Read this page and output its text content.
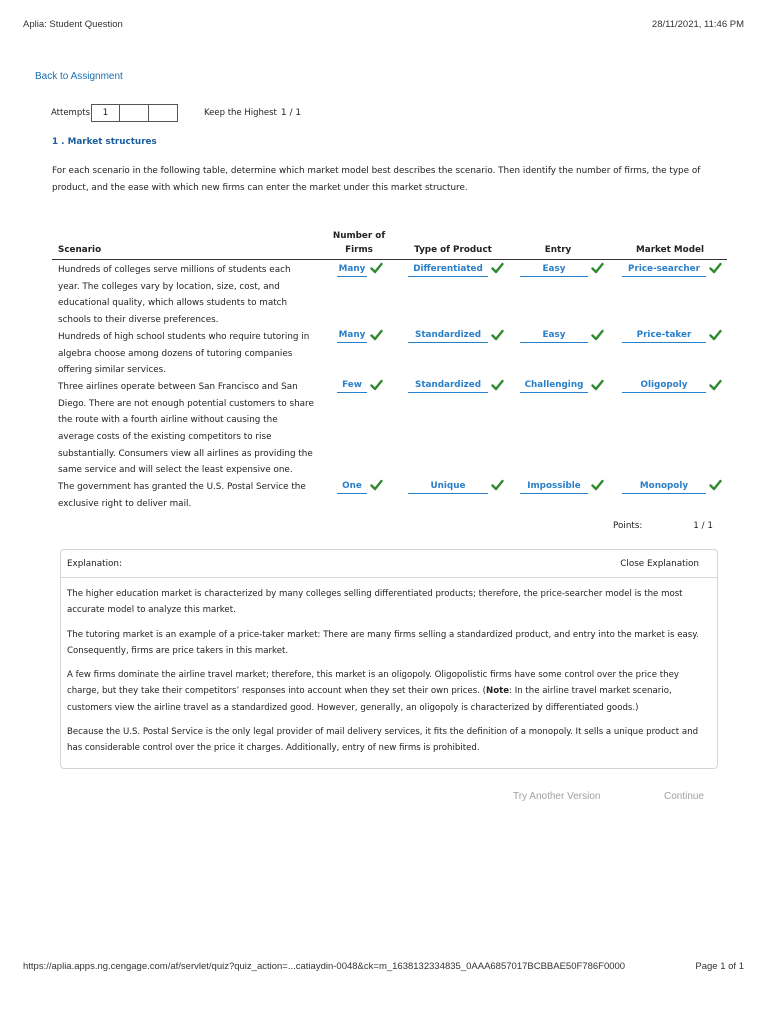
Aplia: Student Question	28/11/2021, 11:46 PM
Back to Assignment
Attempts	1	Keep the Highest 1 / 1
1 . Market structures
For each scenario in the following table, determine which market model best describes the scenario. Then identify the number of firms, the type of product, and the ease with which new firms can enter the market under this market structure.
Scenario
Number of
Firms	Type of Product	Entry	Market Model
Hundreds of colleges serve millions of students each year. The colleges vary by location, size, cost, and educational quality, which allows students to match schools to their diverse preferences.
Many	Differentiated	Easy	Price-searcher
Hundreds of high school students who require tutoring in algebra choose among dozens of tutoring companies offering similar services.
Many	Standardized	Easy	Price-taker
Three airlines operate between San Francisco and San Diego. There are not enough potential customers to share the route with a fourth airline without causing the average costs of the existing competitors to rise substantially. Consumers view all airlines as providing the same service and will select the least expensive one.
Few	Standardized	Challenging	Oligopoly
The government has granted the U.S. Postal Service the exclusive right to deliver mail.
One	Unique	Impossible	Monopoly
Points:	1 / 1
Explanation:	Close Explanation

The higher education market is characterized by many colleges selling differentiated products; therefore, the price-searcher model is the most accurate model to analyze this market.

The tutoring market is an example of a price-taker market: There are many firms selling a standardized product, and entry into the market is easy. Consequently, firms are price takers in this market.

A few firms dominate the airline travel market; therefore, this market is an oligopoly. Oligopolistic firms have some control over the price they charge, but they take their competitors’ responses into account when they set their own prices. (Note: In the airline travel market scenario, customers view the airline travel as a standardized good. However, generally, an oligopoly is characterized by differentiated goods.)

Because the U.S. Postal Service is the only legal provider of mail delivery services, it fits the definition of a monopoly. It sells a unique product and has considerable control over the price it charges. Additionally, entry of new firms is prohibited.

Try Another Version	Continue
https://aplia.apps.ng.cengage.com/af/servlet/quiz?quiz_action=...catiaydin-0048&ck=m_1638132334835_0AAA6857017BCBBAE50F786F0000	Page 1 of 1
